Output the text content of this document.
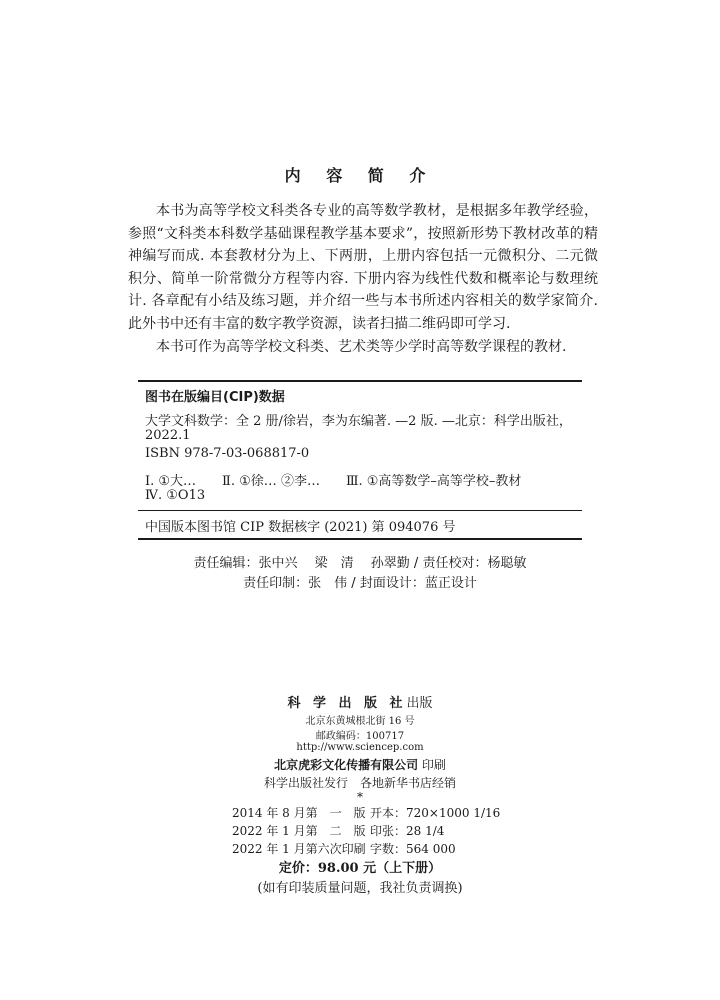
内 容 简 介

本书为高等学校文科类各专业的高等数学教材，是根据多年教学经验，参照“文科类本科数学基础课程教学基本要求”，按照新形势下教材改革的精神编写而成. 本套教材分为上、下两册，上册内容包括一元微积分、二元微积分、简单一阶常微分方程等内容. 下册内容为线性代数和概率论与数理统计. 各章配有小结及练习题，并介绍一些与本书所述内容相关的数学家简介. 此外书中还有丰富的数字教学资源，读者扫描二维码即可学习.

本书可作为高等学校文科类、艺术类等少学时高等数学课程的教材.

图书在版编目(CIP)数据
大学文科数学：全 2 册/徐岩，李为东编著. —2 版. —北京：科学出版社，
2022.1
ISBN 978-7-03-068817-0
Ⅰ. ①大…　　Ⅱ. ①徐… ②李…　　Ⅲ. ①高等数学–高等学校–教材
Ⅳ. ①O13
中国版本图书馆 CIP 数据核字 (2021) 第 094076 号
责任编辑：张中兴　 梁　清　 孙翠勤 / 责任校对：杨聪敏
责任印制：张　伟 / 封面设计：蓝正设计
科 学 出 版 社出版
北京东黄城根北街 16 号
邮政编码：100717
http://www.sciencep.com
北京虎彩文化传播有限公司 印刷
科学出版社发行　各地新华书店经销
*
2014 年 8 月第　一　版 开本：720×1000 1/16
2022 年 1 月第　二　版 印张：28 1/4
2022 年 1 月第六次印刷 字数：564 000
定价：98.00 元（上下册）
(如有印装质量问题，我社负责调换)
